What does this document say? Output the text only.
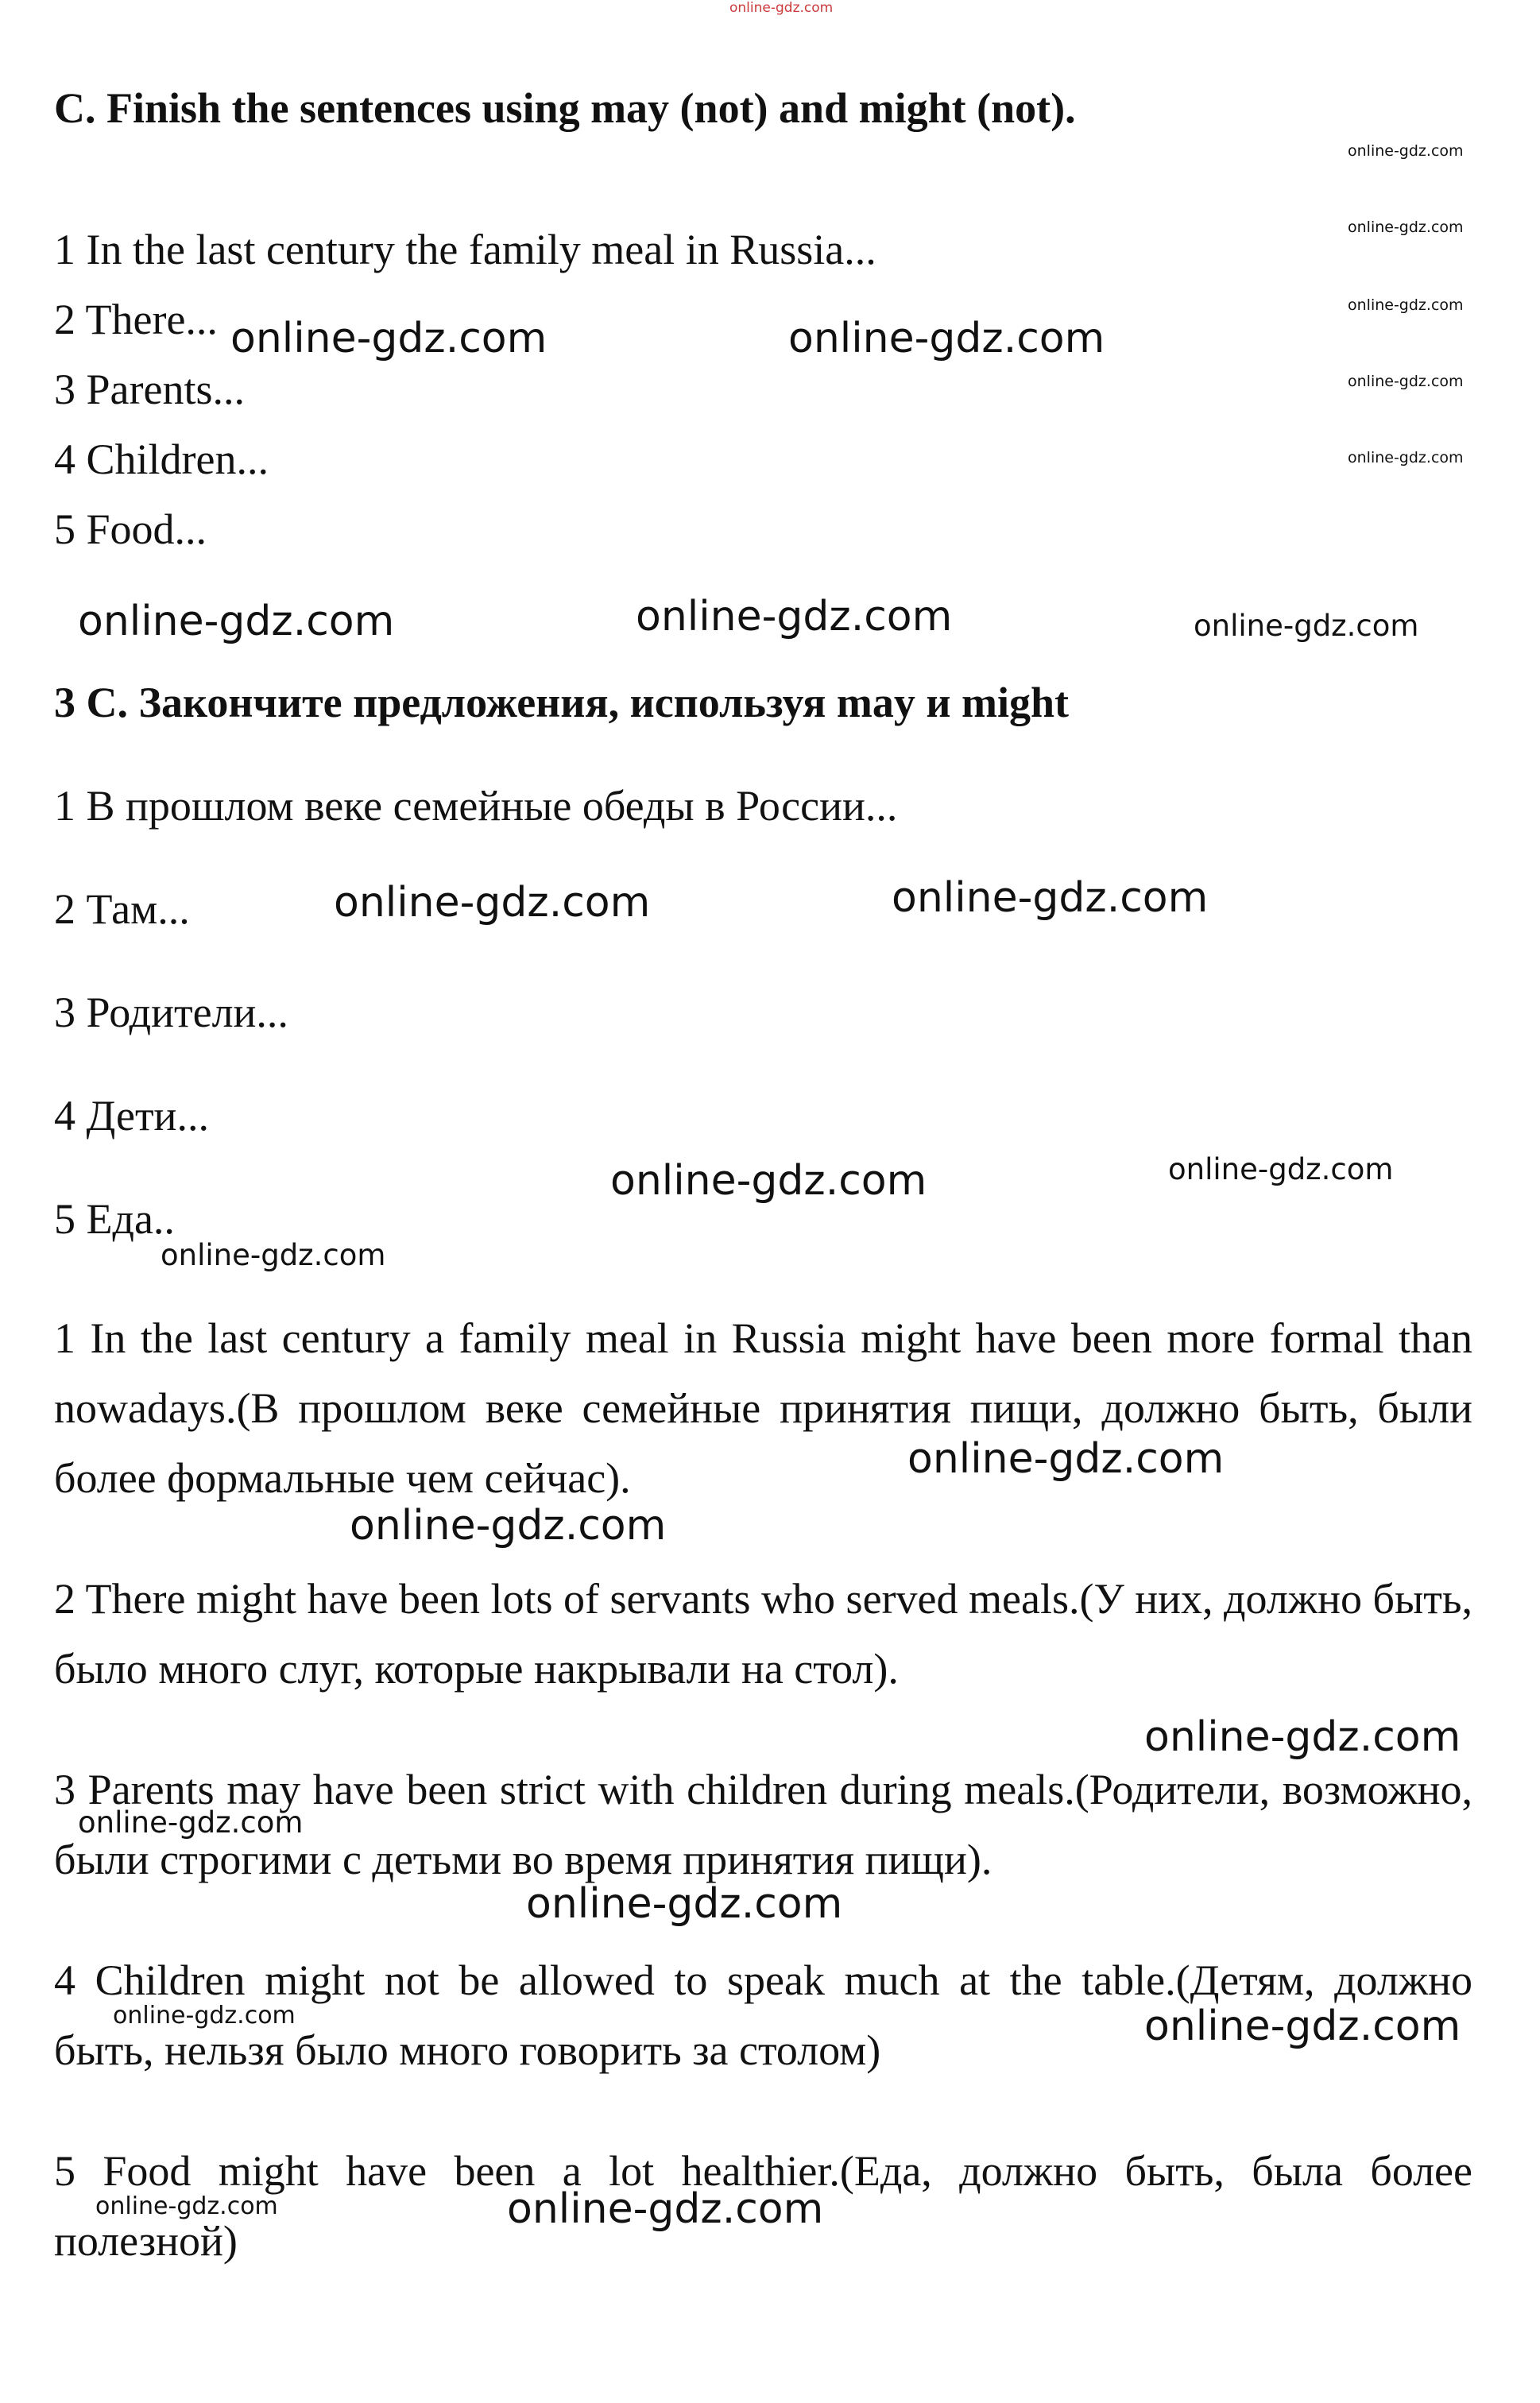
online-gdz.com
C. Finish the sentences using may (not) and might (not).
1 In the last century the family meal in Russia...
2 There...
3 Parents...
4 Children...
5 Food...
3 C. Закончите предложения, используя may и might
1 В прошлом веке семейные обеды в России...
2 Там...
3 Родители...
4 Дети...
5 Еда..
1 In the last century a family meal in Russia might have been more formal than nowadays.(В прошлом веке семейные принятия пищи, должно быть, были более формальные чем сейчас).
2 There might have been lots of servants who served meals.(У них, должно быть, было много слуг, которые накрывали на стол).
3 Parents may have been strict with children during meals.(Родители, возможно, были строгими с детьми во время принятия пищи).
4 Children might not be allowed to speak much at the table.(Детям, должно быть, нельзя было много говорить за столом)
5 Food might have been a lot healthier.(Еда, должно быть, была более полезной)
online-gdz.com
online-gdz.com
online-gdz.com
online-gdz.com
online-gdz.com
online-gdz.com	online-gdz.com
online-gdz.com	online-gdz.com	online-gdz.com
online-gdz.com	online-gdz.com
online-gdz.com	online-gdz.com
online-gdz.com
online-gdz.com
online-gdz.com
online-gdz.com
online-gdz.com
online-gdz.com
online-gdz.com
online-gdz.com
online-gdz.com	online-gdz.com
